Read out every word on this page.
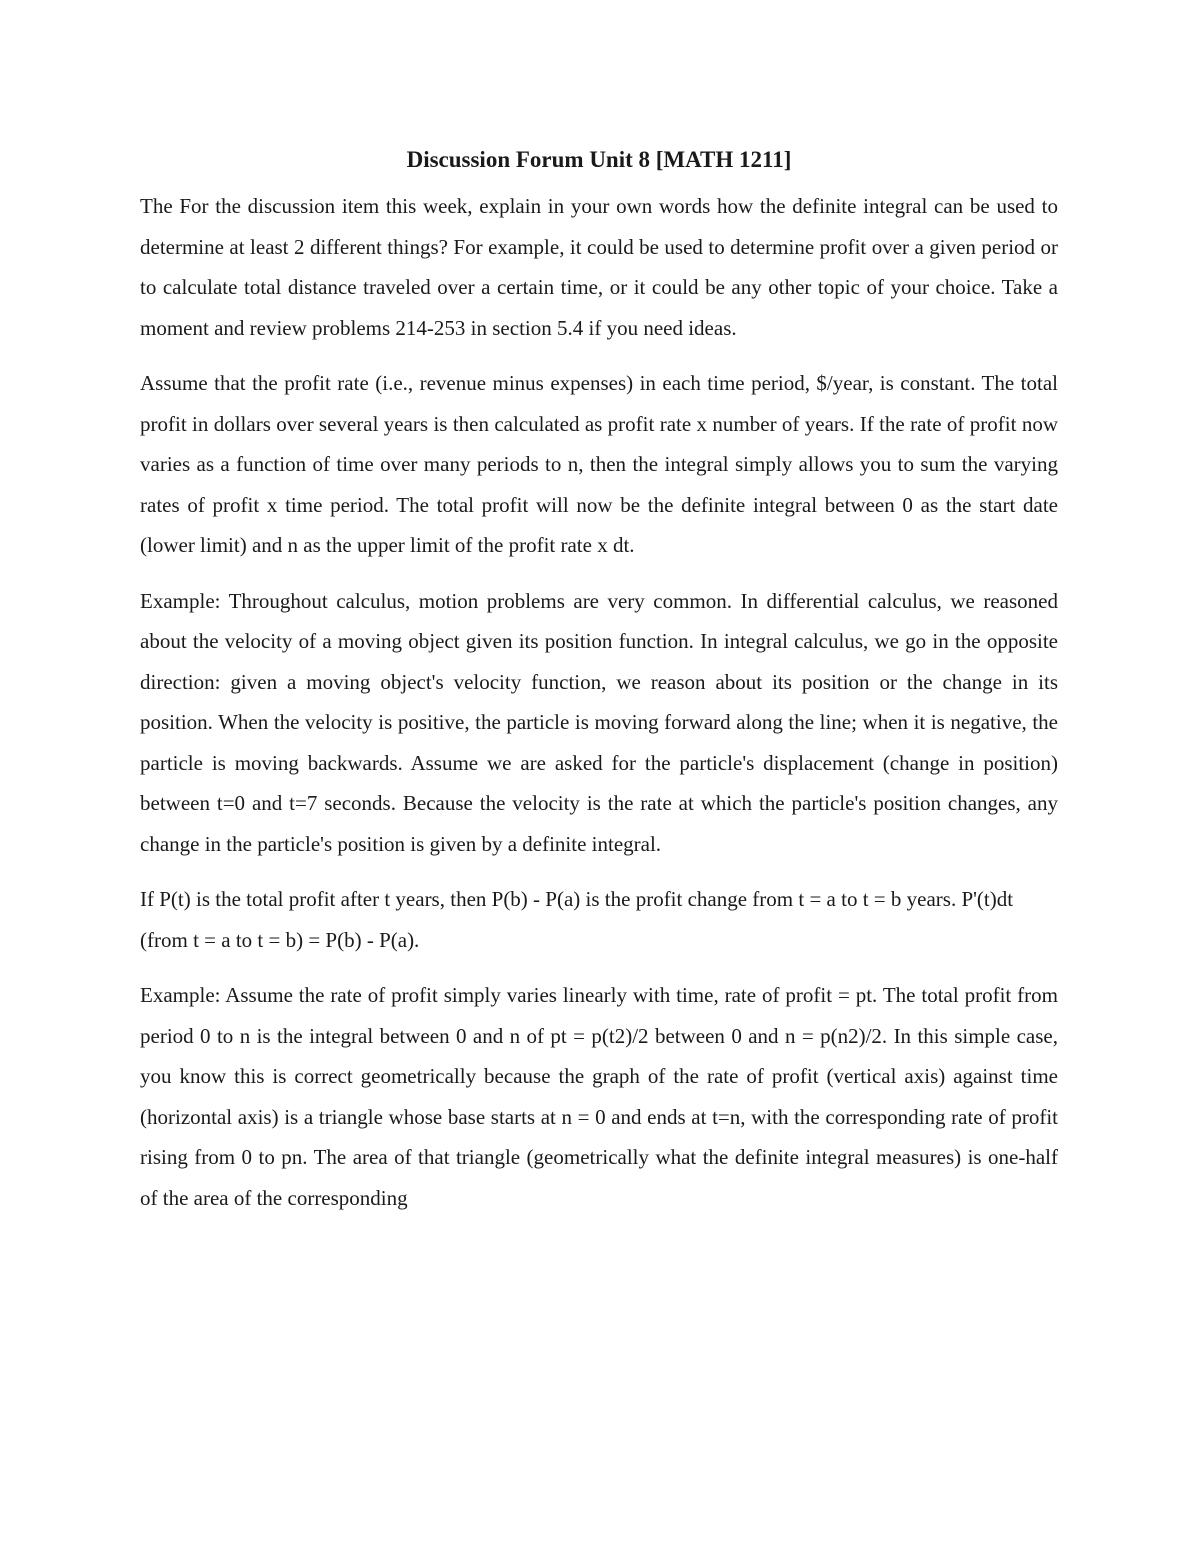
Discussion Forum Unit 8 [MATH 1211]

The For the discussion item this week, explain in your own words how the definite integral can be used to determine at least 2 different things? For example, it could be used to determine profit over a given period or to calculate total distance traveled over a certain time, or it could be any other topic of your choice. Take a moment and review problems 214-253 in section 5.4 if you need ideas.

Assume that the profit rate (i.e., revenue minus expenses) in each time period, $/year, is constant. The total profit in dollars over several years is then calculated as profit rate x number of years. If the rate of profit now varies as a function of time over many periods to n, then the integral simply allows you to sum the varying rates of profit x time period. The total profit will now be the definite integral between 0 as the start date (lower limit) and n as the upper limit of the profit rate x dt.

Example: Throughout calculus, motion problems are very common. In differential calculus, we reasoned about the velocity of a moving object given its position function. In integral calculus, we go in the opposite direction: given a moving object's velocity function, we reason about its position or the change in its position. When the velocity is positive, the particle is moving forward along the line; when it is negative, the particle is moving backwards. Assume we are asked for the particle's displacement (change in position) between t=0 and t=7 seconds. Because the velocity is the rate at which the particle's position changes, any change in the particle's position is given by a definite integral.

If P(t) is the total profit after t years, then P(b) - P(a) is the profit change from t = a to t = b years. P'(t)dt (from t = a to t = b) = P(b) - P(a).

Example: Assume the rate of profit simply varies linearly with time, rate of profit = pt. The total profit from period 0 to n is the integral between 0 and n of pt = p(t2)/2 between 0 and n = p(n2)/2. In this simple case, you know this is correct geometrically because the graph of the rate of profit (vertical axis) against time (horizontal axis) is a triangle whose base starts at n = 0 and ends at t=n, with the corresponding rate of profit rising from 0 to pn. The area of that triangle (geometrically what the definite integral measures) is one-half of the area of the corresponding
